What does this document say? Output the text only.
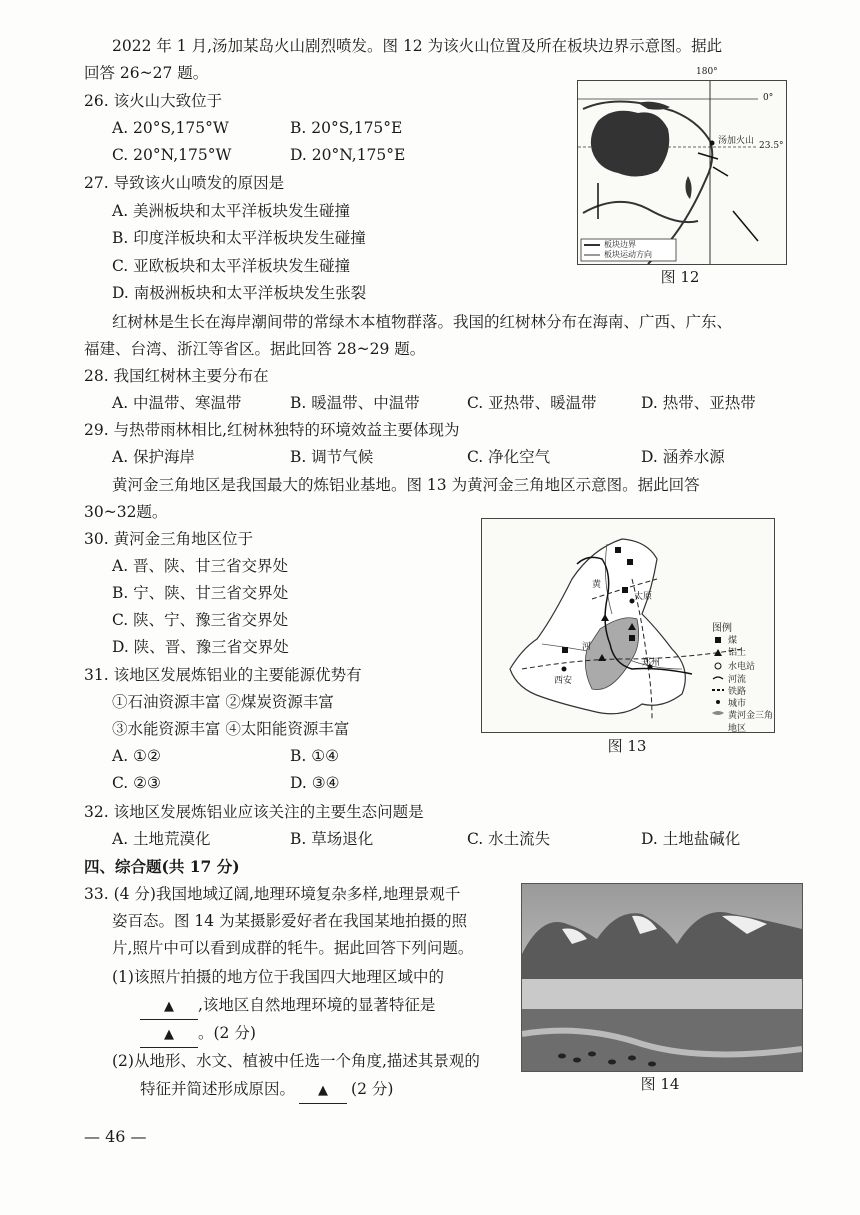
2022 年 1 月,汤加某岛火山剧烈喷发。图 12 为该火山位置及所在板块边界示意图。据此
回答 26~27 题。
26. 该火山大致位于
A. 20°S,175°W	B. 20°S,175°E
C. 20°N,175°W	D. 20°N,175°E
27. 导致该火山喷发的原因是
A. 美洲板块和太平洋板块发生碰撞
B. 印度洋板块和太平洋板块发生碰撞
C. 亚欧板块和太平洋板块发生碰撞
D. 南极洲板块和太平洋板块发生张裂
180°
0°
23.5°
汤加火山
板块边界
板块运动方向
图 12
红树林是生长在海岸潮间带的常绿木本植物群落。我国的红树林分布在海南、广西、广东、
福建、台湾、浙江等省区。据此回答 28~29 题。
28. 我国红树林主要分布在
A. 中温带、寒温带	B. 暖温带、中温带	C. 亚热带、暖温带	D. 热带、亚热带
29. 与热带雨林相比,红树林独特的环境效益主要体现为
A. 保护海岸	B. 调节气候	C. 净化空气	D. 涵养水源
黄河金三角地区是我国最大的炼铝业基地。图 13 为黄河金三角地区示意图。据此回答
30~32题。
30. 黄河金三角地区位于
A. 晋、陕、甘三省交界处
B. 宁、陕、甘三省交界处
C. 陕、宁、豫三省交界处
D. 陕、晋、豫三省交界处
31. 该地区发展炼铝业的主要能源优势有
①石油资源丰富 ②煤炭资源丰富
③水能资源丰富 ④太阳能资源丰富
A. ①②	B. ①④
C. ②③	D. ③④
图例
煤
铝土
水电站
河流
铁路
城市
黄河金三角地区
太原
西安
郑州
黄
河
图 13
32. 该地区发展炼铝业应该关注的主要生态问题是
A. 土地荒漠化	B. 草场退化	C. 水土流失	D. 土地盐碱化
四、综合题(共 17 分)
33. (4 分)我国地域辽阔,地理环境复杂多样,地理景观千
姿百态。图 14 为某摄影爱好者在我国某地拍摄的照
片,照片中可以看到成群的牦牛。据此回答下列问题。
(1)该照片拍摄的地方位于我国四大地理区域中的
▲ ,该地区自然地理环境的显著特征是
▲ 。(2 分)
(2)从地形、水文、植被中任选一个角度,描述其景观的
特征并简述形成原因。 ▲ (2 分)	图 14
— 46 —
